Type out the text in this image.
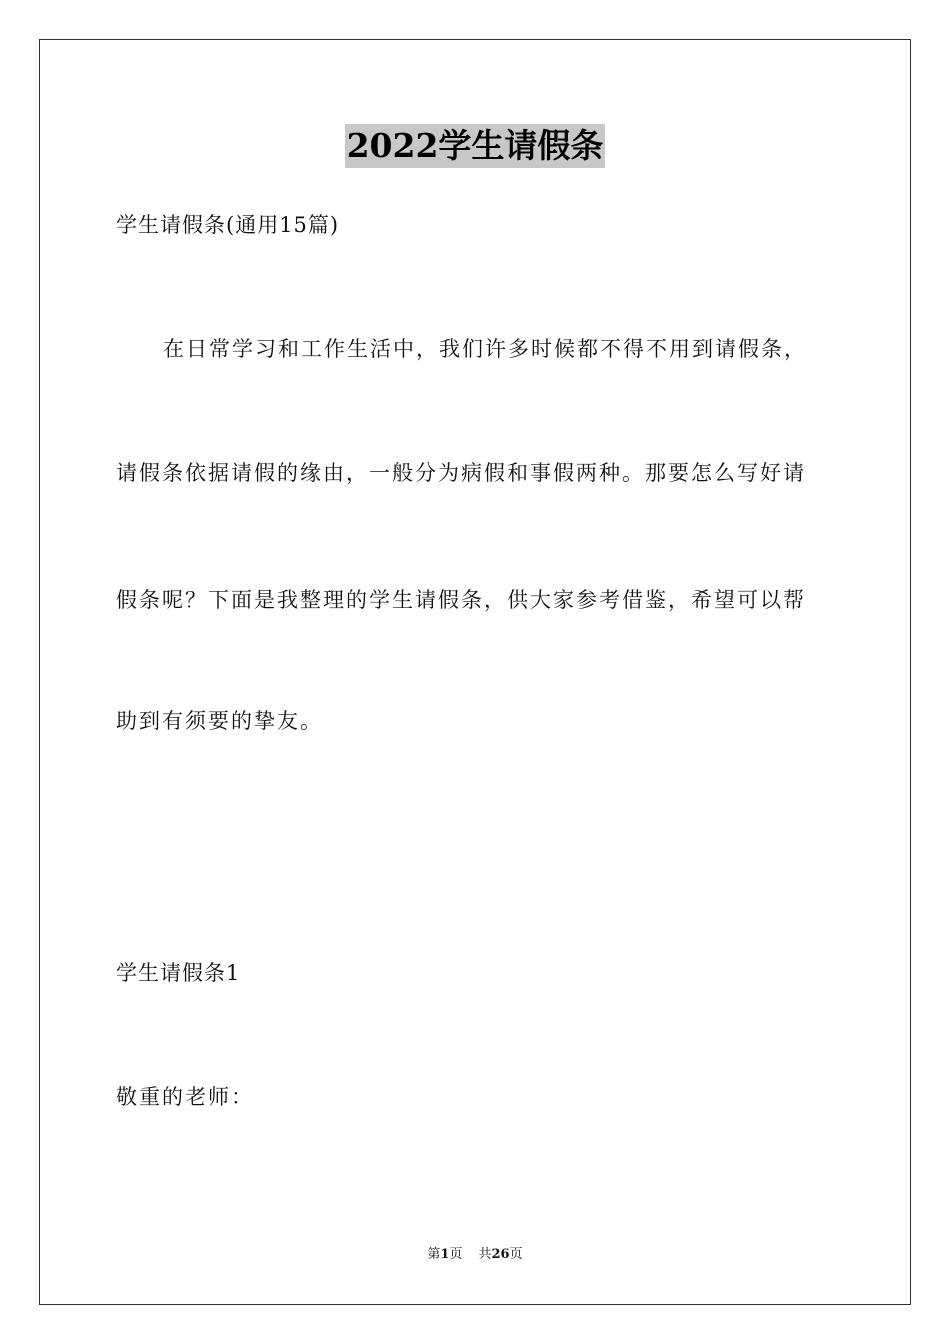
2022学生请假条
学生请假条(通用15篇)
在日常学习和工作生活中，我们许多时候都不得不用到请假条，
请假条依据请假的缘由，一般分为病假和事假两种。那要怎么写好请
假条呢？下面是我整理的学生请假条，供大家参考借鉴，希望可以帮
助到有须要的挚友。
学生请假条1
敬重的老师：
第1页 共26页
